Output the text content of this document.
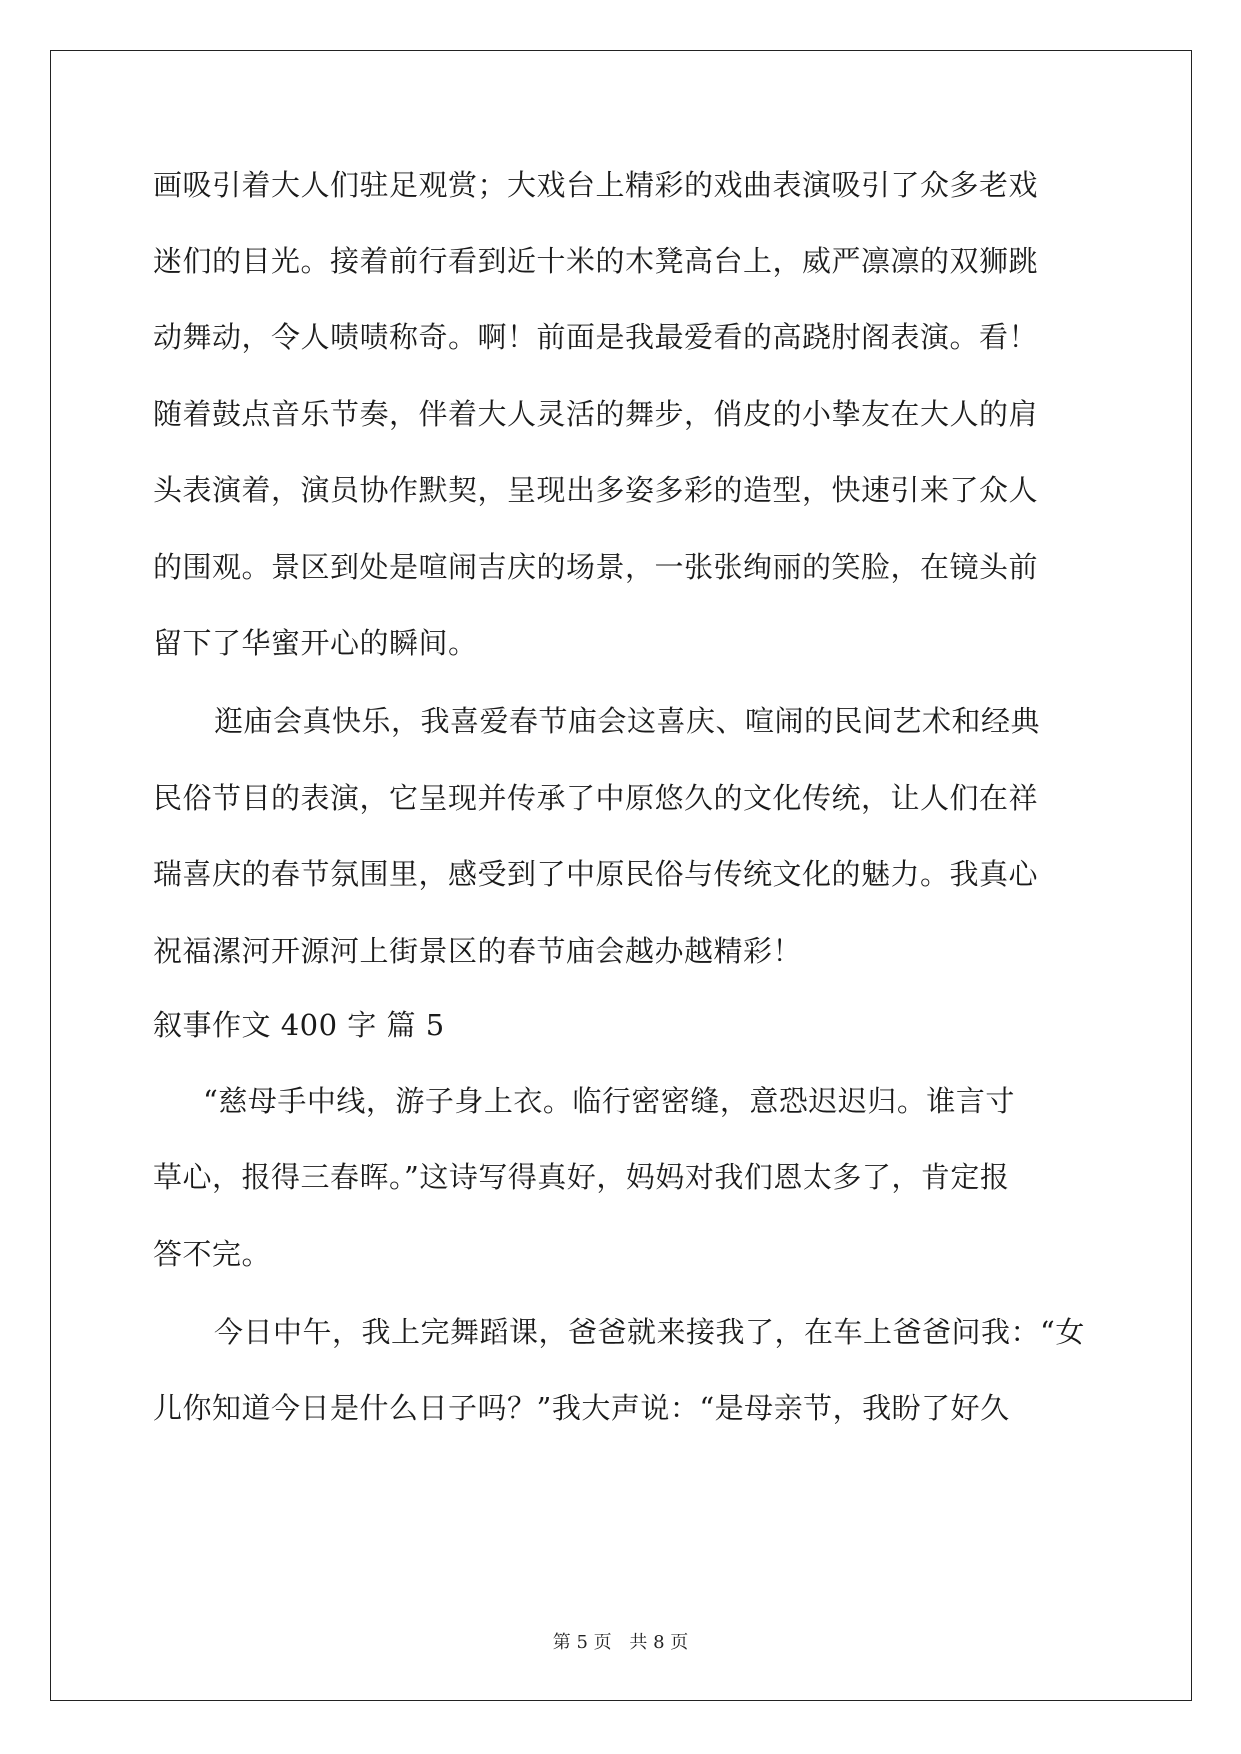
画吸引着大人们驻足观赏；大戏台上精彩的戏曲表演吸引了众多老戏
迷们的目光。接着前行看到近十米的木凳高台上，威严凛凛的双狮跳
动舞动，令人啧啧称奇。啊！前面是我最爱看的高跷肘阁表演。看！
随着鼓点音乐节奏，伴着大人灵活的舞步，俏皮的小挚友在大人的肩
头表演着，演员协作默契，呈现出多姿多彩的造型，快速引来了众人
的围观。景区到处是喧闹吉庆的场景，一张张绚丽的笑脸，在镜头前
留下了华蜜开心的瞬间。
逛庙会真快乐，我喜爱春节庙会这喜庆、喧闹的民间艺术和经典
民俗节目的表演，它呈现并传承了中原悠久的文化传统，让人们在祥
瑞喜庆的春节氛围里，感受到了中原民俗与传统文化的魅力。我真心
祝福漯河开源河上街景区的春节庙会越办越精彩！
叙事作文 400 字 篇 5
“慈母手中线，游子身上衣。临行密密缝，意恐迟迟归。谁言寸
草心，报得三春晖。”这诗写得真好，妈妈对我们恩太多了，肯定报
答不完。
今日中午，我上完舞蹈课，爸爸就来接我了，在车上爸爸问我：“女
儿你知道今日是什么日子吗？”我大声说：“是母亲节，我盼了好久
第 5 页 共 8 页
